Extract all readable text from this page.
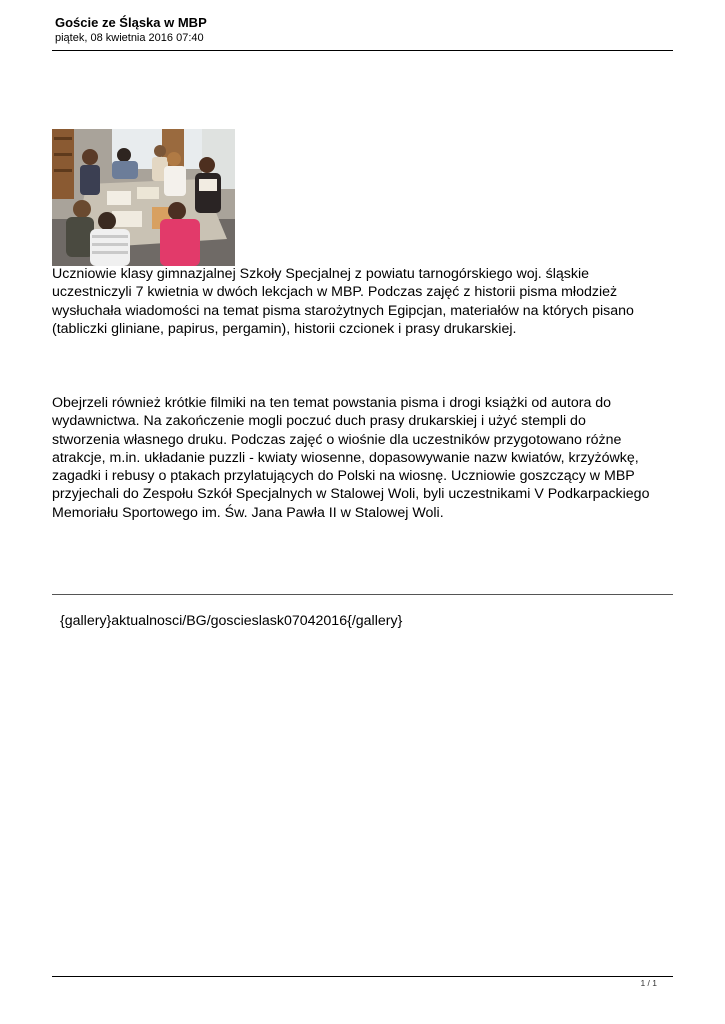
Goście ze Śląska w MBP
piątek, 08 kwietnia 2016 07:40

Uczniowie klasy gimnazjalnej Szkoły Specjalnej z powiatu tarnogórskiego woj. śląskie
uczestniczyli 7 kwietnia w dwóch lekcjach w MBP. Podczas zajęć z historii pisma młodzież
wysłuchała wiadomości na temat pisma starożytnych Egipcjan, materiałów na których pisano
(tabliczki gliniane, papirus, pergamin), historii czcionek i prasy drukarskiej.

Obejrzeli również krótkie filmiki na ten temat powstania pisma i drogi książki od autora do
wydawnictwa. Na zakończenie mogli poczuć duch prasy drukarskiej i użyć stempli do
stworzenia własnego druku. Podczas zajęć o wiośnie dla uczestników przygotowano różne
atrakcje, m.in. układanie puzzli - kwiaty wiosenne, dopasowywanie nazw kwiatów, krzyżówkę,
zagadki i rebusy o ptakach przylatujących do Polski na wiosnę. Uczniowie goszczący w MBP
przyjechali do Zespołu Szkół Specjalnych w Stalowej Woli, byli uczestnikami V Podkarpackiego
Memoriału Sportowego im. Św. Jana Pawła II w Stalowej Woli.

{gallery}aktualnosci/BG/goscieslask07042016{/gallery}
1 / 1
